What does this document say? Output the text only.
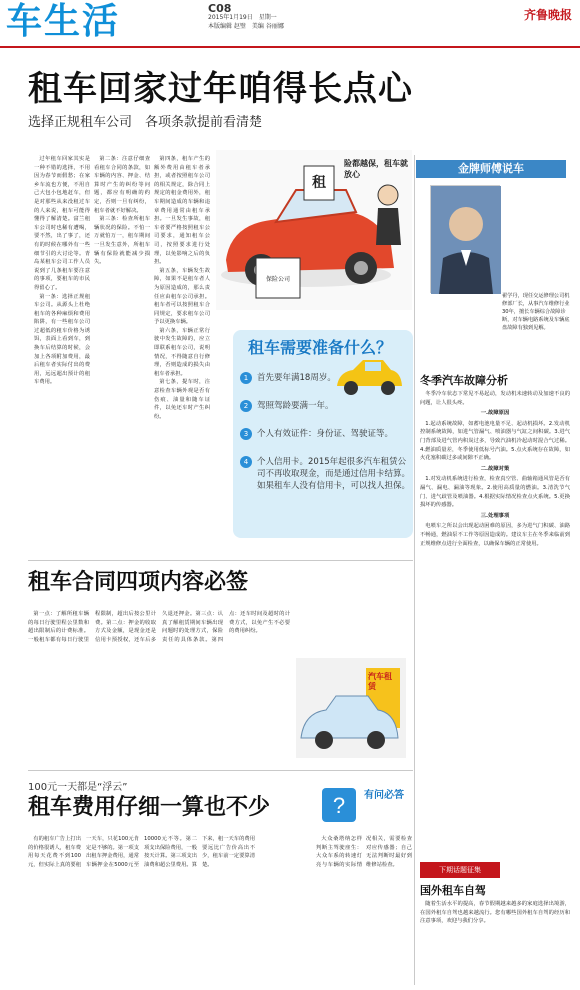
车生活	C08
2015年1月19日　星期一
本版编辑 赵璧　美编 谷丽娜
齐鲁晚报
租车回家过年咱得长点心
选择正规租车公司　各项条款提前看清楚

过年租车回家其实是一种不错的选择，不用因为春节而假愁；在家乡车流也方便，不用自己大包小包地赶车，但是对那些从来没租过车的人来说，租车可能得懂得了解清楚。富兰租车公司时也稀有遭喝，要不然，出了事了，还有的时候在哪外有一些细节引的大讨论等。青岛某租车公司工作人员说到了几条租车要注意的事项，要租车的市民得留心了。

第一条：选择正规租车公司。从源头上杜绝租车的各种麻烦和费用陷阱，有一些租车公司过超低的租车价格为诱饵，表面上看到车，到换车后结算的时候，会加上各项附加费用，最后租车者实际付出的费用，远远超出预计的租车费用。

第二条：注意仔细查看租车合同的条款，如车辆的内容、押金、结算时产生的纠纷等问题，都应有明确的约定，否则一旦有纠纷，租车者就不好解决。

第三条：检查所租车辆状况的保险。不怕一万就怕万一，租车期间一旦发生意外，所租车辆有保险就能减少损失。

第四条，租车产生的额外费用由租车者承担，或者按照租车公司的相关规定，除合同上规定的租金费用外，租车期间造成的车辆和违章费用通常由租车承担。一旦发生事故，租车者要严格按照租车公司要求，通知租车公司，按照要求进行处理，以免影响之后的负担。

第五条，车辆发生故障，如果不是租车者人为原因造成的，那么责任应由租车公司承担。租车者可以按照租车合同规定，要求租车公司予以更换车辆。

第六条，车辆正常行驶中发生故障的，应立即联系租车公司，说明情况，不得随意自行修理，否则造成的损失由租车者承担。

第七条，提车时，注意检查车辆外观是否有伤痕、油量和随车证件，以免还车时产生纠纷。

租
险都越保，租车就放心
保险公司
金牌师傅说车
翟学丹，现任交运修理公司机修部厂长，从事汽车维修行业30年，擅长车辆综合故障诊断，对车辆电路系统及车辆底盘故障有独到见解。
租车需要准备什么？
1 首先要年满18周岁。
2 驾照驾龄要满一年。
3 个人有效证件：身份证、驾驶证等。
4	个人信用卡。2015年起很多汽车租赁公司不再收取现金，而是通过信用卡结算。如果租车人没有信用卡，可以找人担保。
冬季汽车故障分析

冬季冷车状态下常见不易起动，发动机未速转动及加速不良的问题，让人很头疼。

一.故障原因

1.起动系统故障，如蓄电池电量不足、起动机损坏。2.发动机控制系统故障，如进气管漏气、喷油器与气缸之间积碳。3.进气门背部及进气管内积炭过多，导致汽油机冷起动时混合气过稀。4.燃油质量差，冬季使用低标号汽油。5.点火系统存在故障，如火花塞积碳过多或间隙不正确。

二.故障对策

1.对发动机系统进行检查，检查真空管、曲轴箱通风管是否有漏气、漏电、漏油等现象。2.使用高质量的燃油。3.清洗节气门、进气歧管及喷油器。4.根据实际情况检查点火系统。5.更换损坏的传感器。

三.处理事项

电喷车之所以会出现起动困难的原因，多为进气门积碳、油路不畅通，燃油泵不工作等原因造成的。建议车主在冬季来临前到正规维修点进行全面检查，以确保车辆的正常使用。

租车合同四项内容必签

第一点：了解所租车辆的每日行驶里程公里数和超出限制后的计费标准。一般租车都有每日行驶里程限制，超出后按公里计费。第二点：押金的收取方式及金额，是现金还是信用卡预授权，还车后多久退还押金。第三点：认真了解租赁期间车辆出现问题时的处理方式，保险责任的具体条款。第四点：还车时间及超时的计费方式，以免产生不必要的费用纠纷。

汽车租赁
100元一天都是“浮云”
租车费用仔细一算也不少

有的租车广告上打出的价格很诱人，租车费用每天花费不到100元，但实际上真的要租一天车，只花100元肯定是不够的。第一项支出租车押金费用，通常车辆押金在5000元至10000元不等。第二项支出保险费用，一般按天计算。第三项支出油费和超公里费用。算下来，租一天车的费用要远比广告价高出不少，租车前一定要算清楚。

? 有问必答

大众桑塔纳怎样判断主驾驶座生：大众车系的转速灯亮与车辆的实际情况相关，需要检查对应传感器；自己无法判断时最好到维修站检查。

下期话题征集
国外租车自驾

随着生活水平的提高，春节假期越来越多的家庭选择出境游，在国外租车自驾也越来越流行。您有哪些国外租车自驾的经历和注意事项，欢迎与我们分享。
